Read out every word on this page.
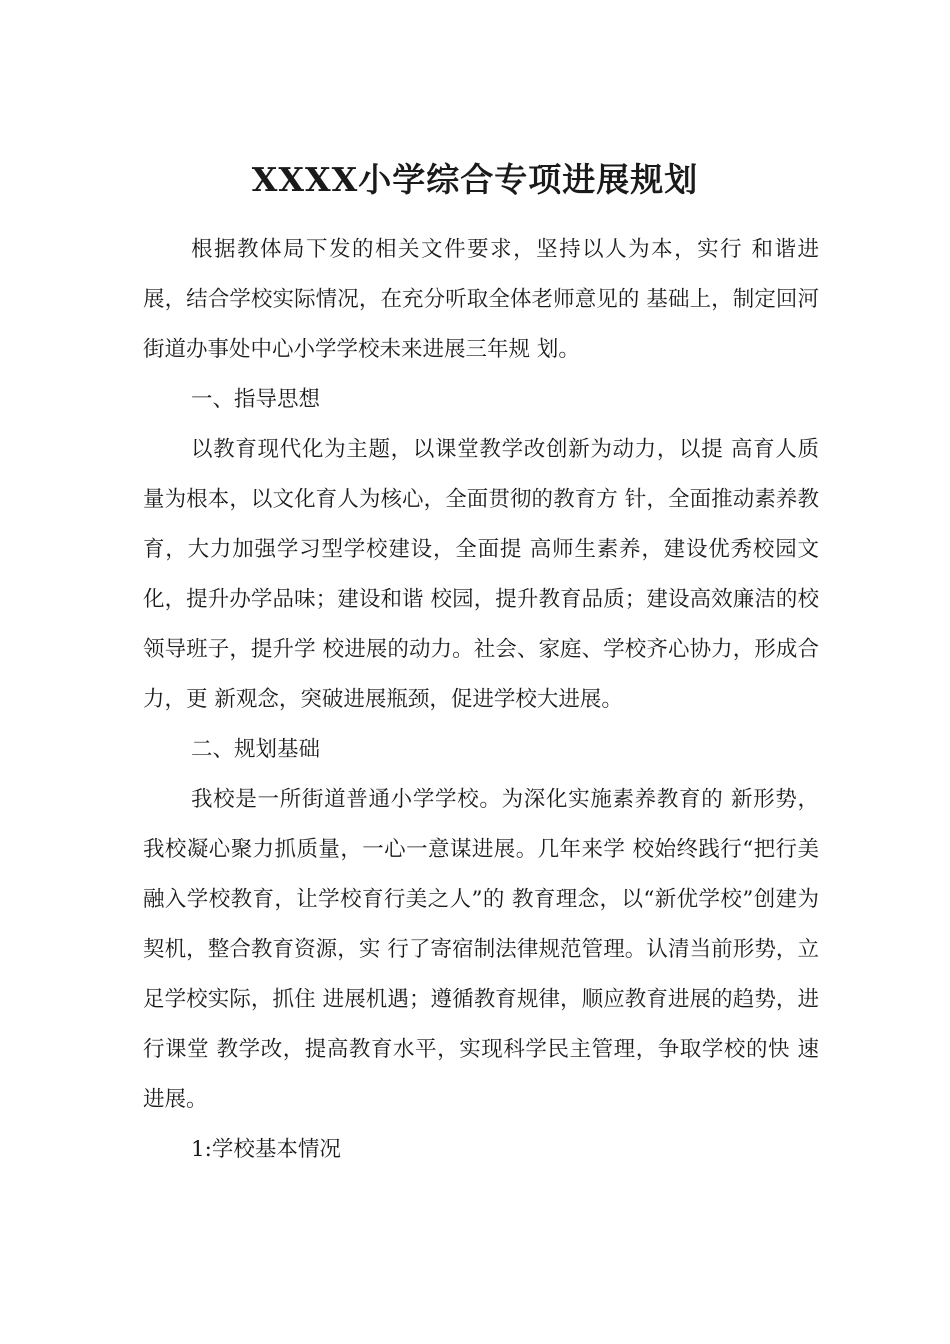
XXXX小学综合专项进展规划

根据教体局下发的相关文件要求，坚持以人为本，实行 和谐进展，结合学校实际情况，在充分听取全体老师意见的 基础上，制定回河街道办事处中心小学学校未来进展三年规 划。

一、指导思想

以教育现代化为主题，以课堂教学改创新为动力，以提 高育人质量为根本，以文化育人为核心，全面贯彻的教育方 针，全面推动素养教育，大力加强学习型学校建设，全面提 高师生素养，建设优秀校园文化，提升办学品味；建设和谐 校园，提升教育品质；建设高效廉洁的校领导班子，提升学 校进展的动力。社会、家庭、学校齐心协力，形成合力，更 新观念，突破进展瓶颈，促进学校大进展。

二、规划基础

我校是一所街道普通小学学校。为深化实施素养教育的 新形势，我校凝心聚力抓质量，一心一意谋进展。几年来学 校始终践行“把行美融入学校教育，让学校育行美之人”的 教育理念，以“新优学校”创建为契机，整合教育资源，实 行了寄宿制法律规范管理。认清当前形势，立足学校实际，抓住 进展机遇；遵循教育规律，顺应教育进展的趋势，进行课堂 教学改，提高教育水平，实现科学民主管理，争取学校的快 速进展。

1:学校基本情况
